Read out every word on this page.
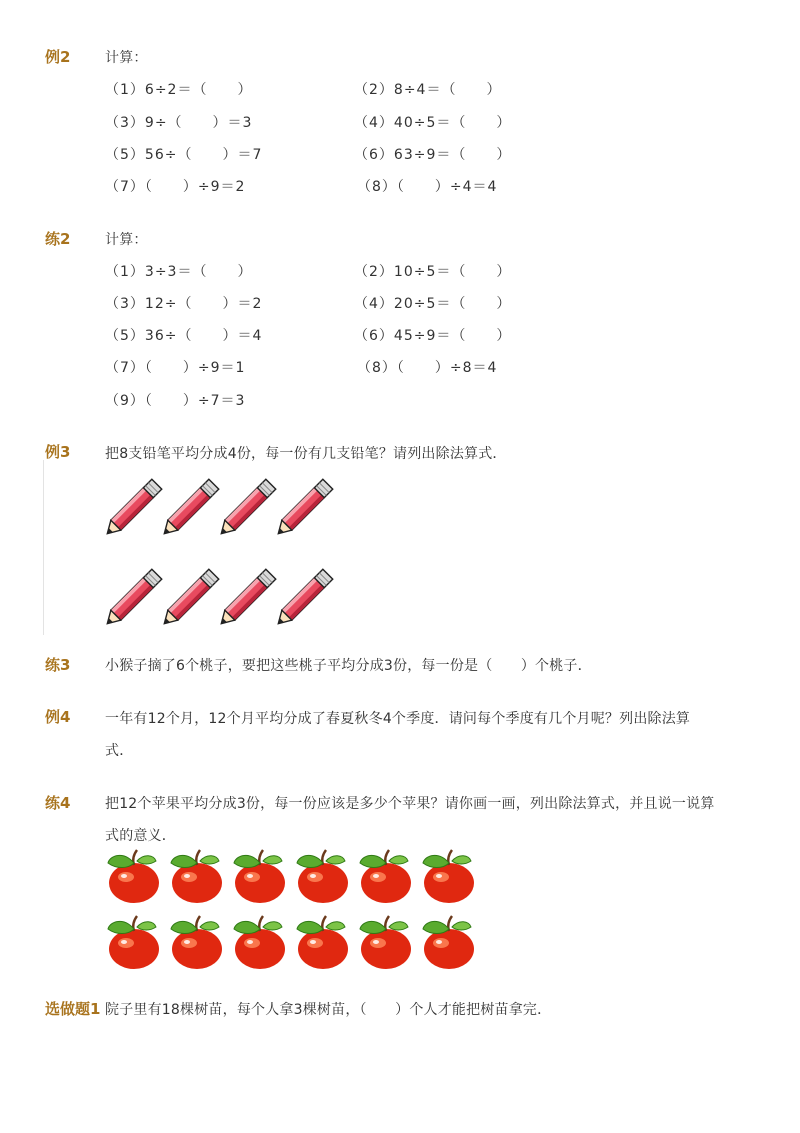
例2 计算：
（1）6÷2＝（　　）	（2）8÷4＝（　　）
（3）9÷（　　）＝3	（4）40÷5＝（　　）
（5）56÷（　　）＝7	（6）63÷9＝（　　）
（7）（　　）÷9＝2	（8）（　　）÷4＝4
练2 计算：
（1）3÷3＝（　　）	（2）10÷5＝（　　）
（3）12÷（　　）＝2	（4）20÷5＝（　　）
（5）36÷（　　）＝4	（6）45÷9＝（　　）
（7）（　　）÷9＝1	（8）（　　）÷8＝4
（9）（　　）÷7＝3
例3 把8支铅笔平均分成4份，每一份有几支铅笔？请列出除法算式．
练3 小猴子摘了6个桃子，要把这些桃子平均分成3份，每一份是（　　）个桃子．
例4 一年有12个月，12个月平均分成了春夏秋冬4个季度．请问每个季度有几个月呢？列出除法算
式．
练4 把12个苹果平均分成3份，每一份应该是多少个苹果？请你画一画，列出除法算式，并且说一说算
式的意义．
选做题1 院子里有18棵树苗，每个人拿3棵树苗，（　　）个人才能把树苗拿完．
